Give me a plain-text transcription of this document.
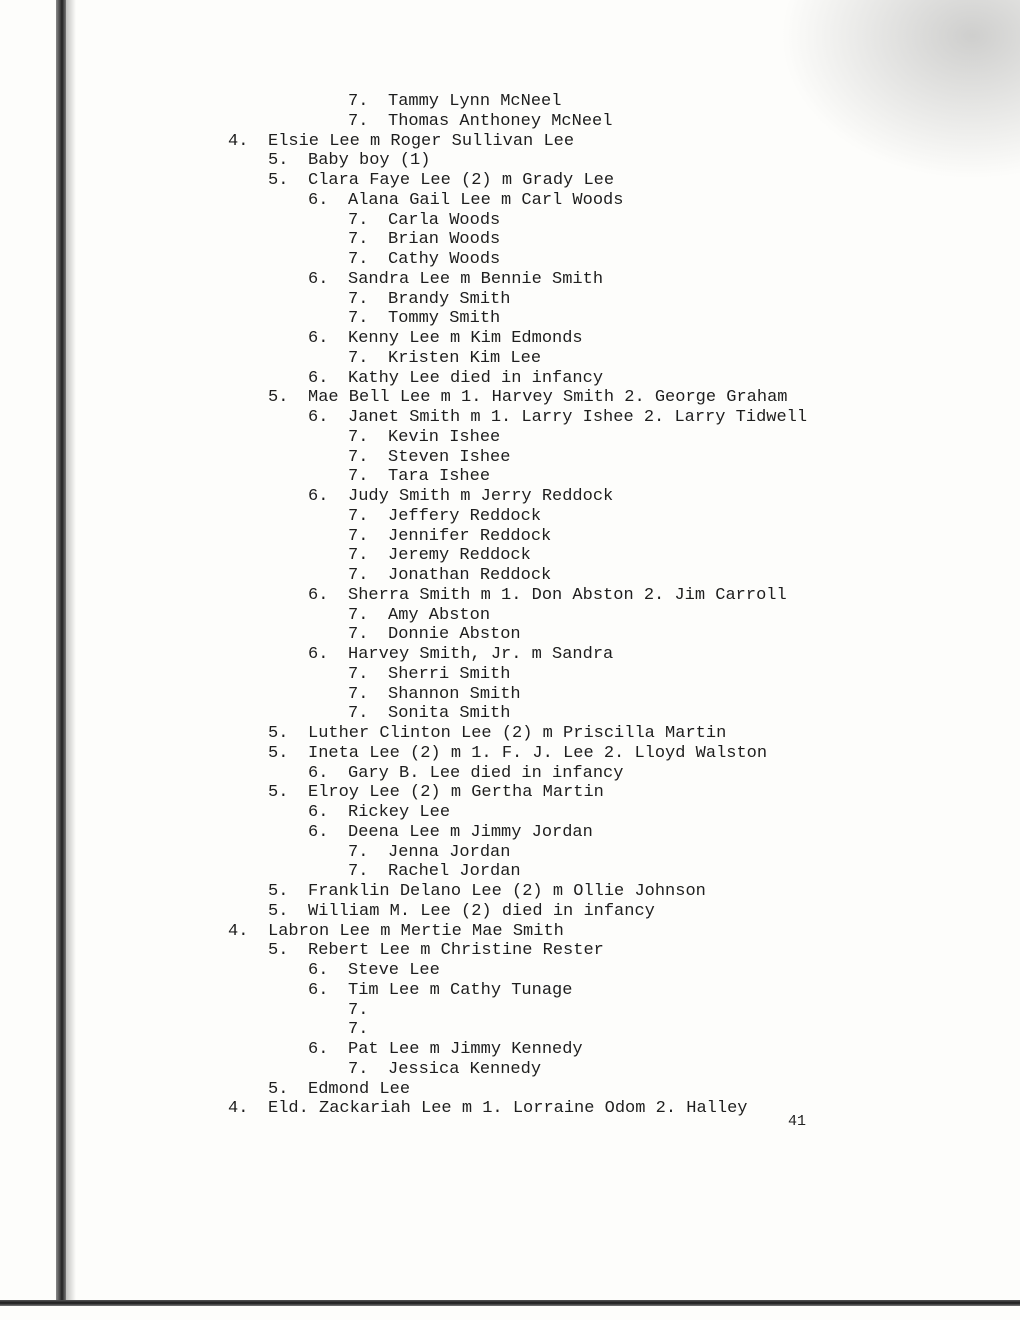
7. Tammy Lynn McNeel
7. Thomas Anthoney McNeel
4. Elsie Lee m Roger Sullivan Lee
5. Baby boy (1)
5. Clara Faye Lee (2) m Grady Lee
6. Alana Gail Lee m Carl Woods
7. Carla Woods
7. Brian Woods
7. Cathy Woods
6. Sandra Lee m Bennie Smith
7. Brandy Smith
7. Tommy Smith
6. Kenny Lee m Kim Edmonds
7. Kristen Kim Lee
6. Kathy Lee died in infancy
5. Mae Bell Lee m 1. Harvey Smith 2. George Graham
6. Janet Smith m 1. Larry Ishee 2. Larry Tidwell
7. Kevin Ishee
7. Steven Ishee
7. Tara Ishee
6. Judy Smith m Jerry Reddock
7. Jeffery Reddock
7. Jennifer Reddock
7. Jeremy Reddock
7. Jonathan Reddock
6. Sherra Smith m 1. Don Abston 2. Jim Carroll
7. Amy Abston
7. Donnie Abston
6. Harvey Smith, Jr. m Sandra
7. Sherri Smith
7. Shannon Smith
7. Sonita Smith
5. Luther Clinton Lee (2) m Priscilla Martin
5. Ineta Lee (2) m 1. F. J. Lee 2. Lloyd Walston
6. Gary B. Lee died in infancy
5. Elroy Lee (2) m Gertha Martin
6. Rickey Lee
6. Deena Lee m Jimmy Jordan
7. Jenna Jordan
7. Rachel Jordan
5. Franklin Delano Lee (2) m Ollie Johnson
5. William M. Lee (2) died in infancy
4. Labron Lee m Mertie Mae Smith
5. Rebert Lee m Christine Rester
6. Steve Lee
6. Tim Lee m Cathy Tunage
7.
7.
6. Pat Lee m Jimmy Kennedy
7. Jessica Kennedy
5. Edmond Lee
4. Eld. Zackariah Lee m 1. Lorraine Odom 2. Halley
41
